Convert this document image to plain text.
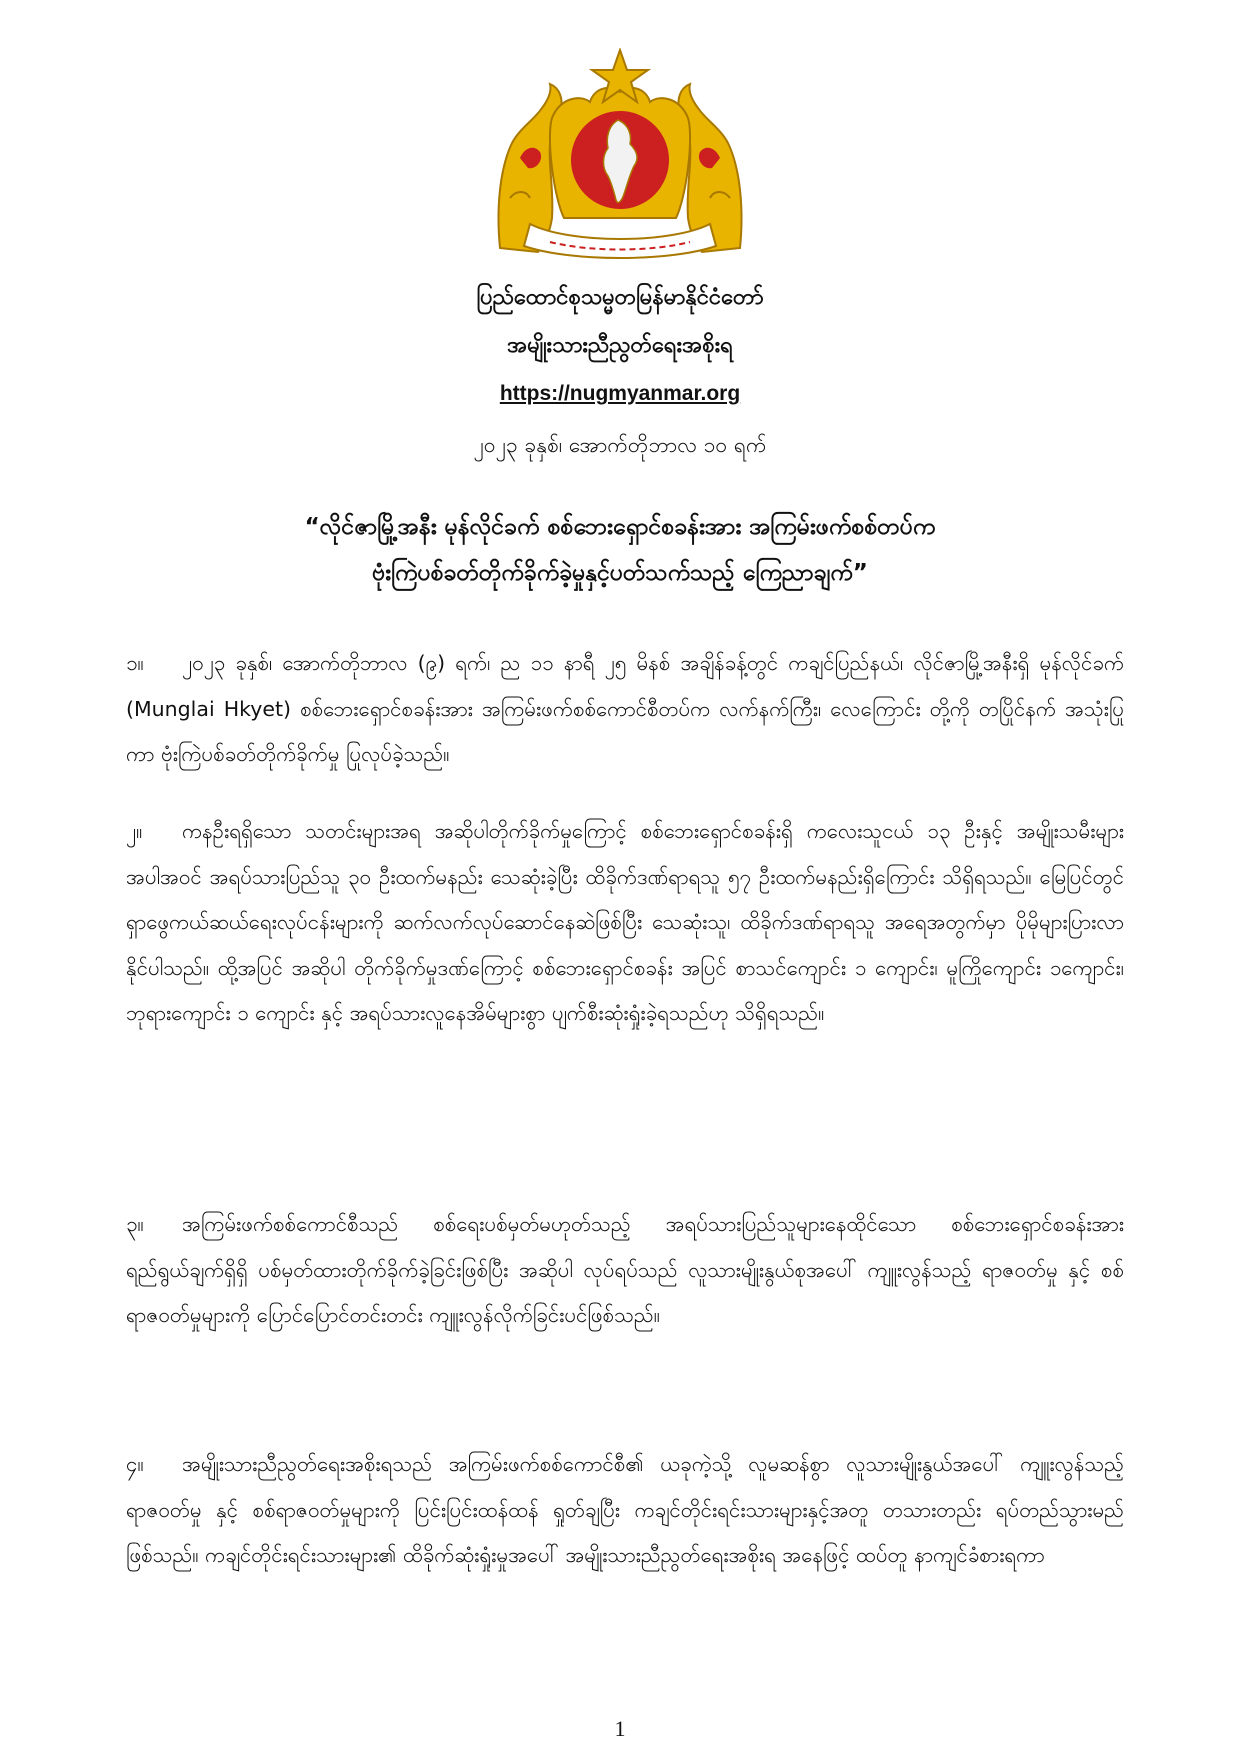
ပြည်ထောင်စုသမ္မတမြန်မာနိုင်ငံတော်
အမျိုးသားညီညွတ်ရေးအစိုးရ
https://nugmyanmar.org
၂၀၂၃ ခုနှစ်၊ အောက်တိုဘာလ ၁၀ ရက်
“လိုင်ဇာမြို့အနီး မုန်လိုင်ခက် စစ်ဘေးရှောင်စခန်းအား အကြမ်းဖက်စစ်တပ်က
ဗုံးကြဲပစ်ခတ်တိုက်ခိုက်ခဲ့မှုနှင့်ပတ်သက်သည့် ကြေညာချက်”
၁။ ၂၀၂၃ ခုနှစ်၊ အောက်တိုဘာလ (၉) ရက်၊ ည ၁၁ နာရီ ၂၅ မိနစ် အချိန်ခန့်တွင် ကချင်ပြည်နယ်၊ လိုင်ဇာမြို့အနီးရှိ မုန်လိုင်ခက် (Munglai Hkyet) စစ်ဘေးရှောင်စခန်းအား အကြမ်းဖက်စစ်ကောင်စီတပ်က လက်နက်ကြီး၊ လေကြောင်း တို့ကို တပြိုင်နက် အသုံးပြုကာ ဗုံးကြဲပစ်ခတ်တိုက်ခိုက်မှု ပြုလုပ်ခဲ့သည်။
၂။ ကနဦးရရှိသော သတင်းများအရ အဆိုပါတိုက်ခိုက်မှုကြောင့် စစ်ဘေးရှောင်စခန်းရှိ ကလေးသူငယ် ၁၃ ဦးနှင့် အမျိုးသမီးများအပါအဝင် အရပ်သားပြည်သူ ၃၀ ဦးထက်မနည်း သေဆုံးခဲ့ပြီး ထိခိုက်ဒဏ်ရာရသူ ၅၇ ဦးထက်မနည်းရှိကြောင်း သိရှိရသည်။ မြေပြင်တွင် ရှာဖွေကယ်ဆယ်ရေးလုပ်ငန်းများကို ဆက်လက်လုပ်ဆောင်နေဆဲဖြစ်ပြီး သေဆုံးသူ၊ ထိခိုက်ဒဏ်ရာရသူ အရေအတွက်မှာ ပိုမိုများပြားလာနိုင်ပါသည်။ ထို့အပြင် အဆိုပါ တိုက်ခိုက်မှုဒဏ်ကြောင့် စစ်ဘေးရှောင်စခန်း အပြင် စာသင်ကျောင်း ၁ ကျောင်း၊ မူကြိုကျောင်း ၁ကျောင်း၊ ဘုရားကျောင်း ၁ ကျောင်း နှင့် အရပ်သားလူနေအိမ်များစွာ ပျက်စီးဆုံးရှုံးခဲ့ရသည်ဟု သိရှိရသည်။
၃။ အကြမ်းဖက်စစ်ကောင်စီသည် စစ်ရေးပစ်မှတ်မဟုတ်သည့် အရပ်သားပြည်သူများနေထိုင်သော စစ်ဘေးရှောင်စခန်းအား ရည်ရွယ်ချက်ရှိရှိ ပစ်မှတ်ထားတိုက်ခိုက်ခဲ့ခြင်းဖြစ်ပြီး အဆိုပါ လုပ်ရပ်သည် လူသားမျိုးနွယ်စုအပေါ် ကျူးလွန်သည့် ရာဇဝတ်မှု နှင့် စစ်ရာဇဝတ်မှုများကို ပြောင်ပြောင်တင်းတင်း ကျူးလွန်လိုက်ခြင်းပင်ဖြစ်သည်။
၄။ အမျိုးသားညီညွတ်ရေးအစိုးရသည် အကြမ်းဖက်စစ်ကောင်စီ၏ ယခုကဲ့သို့ လူမဆန်စွာ လူသားမျိုးနွယ်အပေါ် ကျူးလွန်သည့် ရာဇဝတ်မှု နှင့် စစ်ရာဇဝတ်မှုများကို ပြင်းပြင်းထန်ထန် ရှုတ်ချပြီး ကချင်တိုင်းရင်းသားများနှင့်အတူ တသားတည်း ရပ်တည်သွားမည်ဖြစ်သည်။ ကချင်တိုင်းရင်းသားများ၏ ထိခိုက်ဆုံးရှုံးမှုအပေါ် အမျိုးသားညီညွတ်ရေးအစိုးရ အနေဖြင့် ထပ်တူ နာကျင်ခံစားရကာ
1
